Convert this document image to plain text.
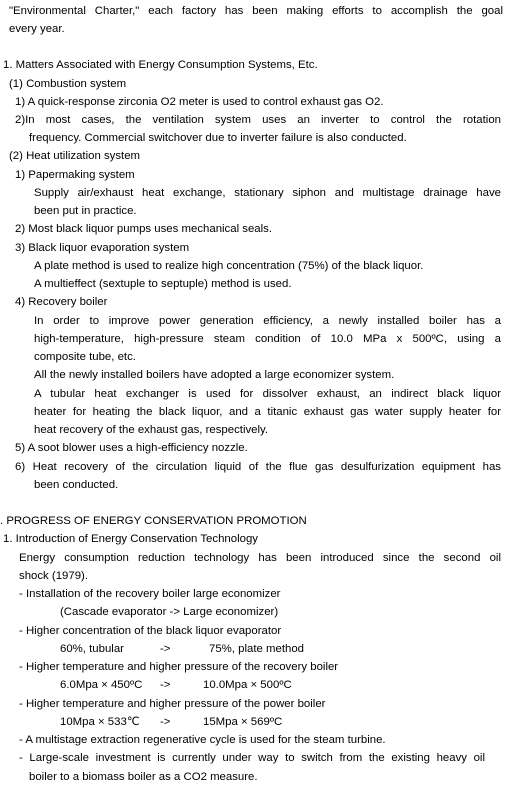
"Environmental Charter," each factory has been making efforts to accomplish the goal
every year.
1. Matters Associated with Energy Consumption Systems, Etc.
(1) Combustion system
1) A quick-response zirconia O2 meter is used to control exhaust gas O2.
2)In most cases, the ventilation system uses an inverter to control the rotation
frequency. Commercial switchover due to inverter failure is also conducted.
(2) Heat utilization system
1) Papermaking system
Supply air/exhaust heat exchange, stationary siphon and multistage drainage have
been put in practice.
2) Most black liquor pumps uses mechanical seals.
3) Black liquor evaporation system
A plate method is used to realize high concentration (75%) of the black liquor.
A multieffect (sextuple to septuple) method is used.
4) Recovery boiler
In order to improve power generation efficiency, a newly installed boiler has a
high-temperature, high-pressure steam condition of 10.0 MPa x 500ºC, using a
composite tube, etc.
All the newly installed boilers have adopted a large economizer system.
A tubular heat exchanger is used for dissolver exhaust, an indirect black liquor
heater for heating the black liquor, and a titanic exhaust gas water supply heater for
heat recovery of the exhaust gas, respectively.
5) A soot blower uses a high-efficiency nozzle.
6) Heat recovery of the circulation liquid of the flue gas desulfurization equipment has
been conducted.
. PROGRESS OF ENERGY CONSERVATION PROMOTION
1. Introduction of Energy Conservation Technology
Energy consumption reduction technology has been introduced since the second oil
shock (1979).
- Installation of the recovery boiler large economizer
(Cascade evaporator -> Large economizer)
- Higher concentration of the black liquor evaporator
60%, tubular	->	75%, plate method
- Higher temperature and higher pressure of the recovery boiler
6.0Mpa × 450ºC ->	10.0Mpa × 500ºC
- Higher temperature and higher pressure of the power boiler
10Mpa × 533℃ ->	15Mpa × 569ºC
- A multistage extraction regenerative cycle is used for the steam turbine.
- Large-scale investment is currently under way to switch from the existing heavy oil
boiler to a biomass boiler as a CO2 measure.
